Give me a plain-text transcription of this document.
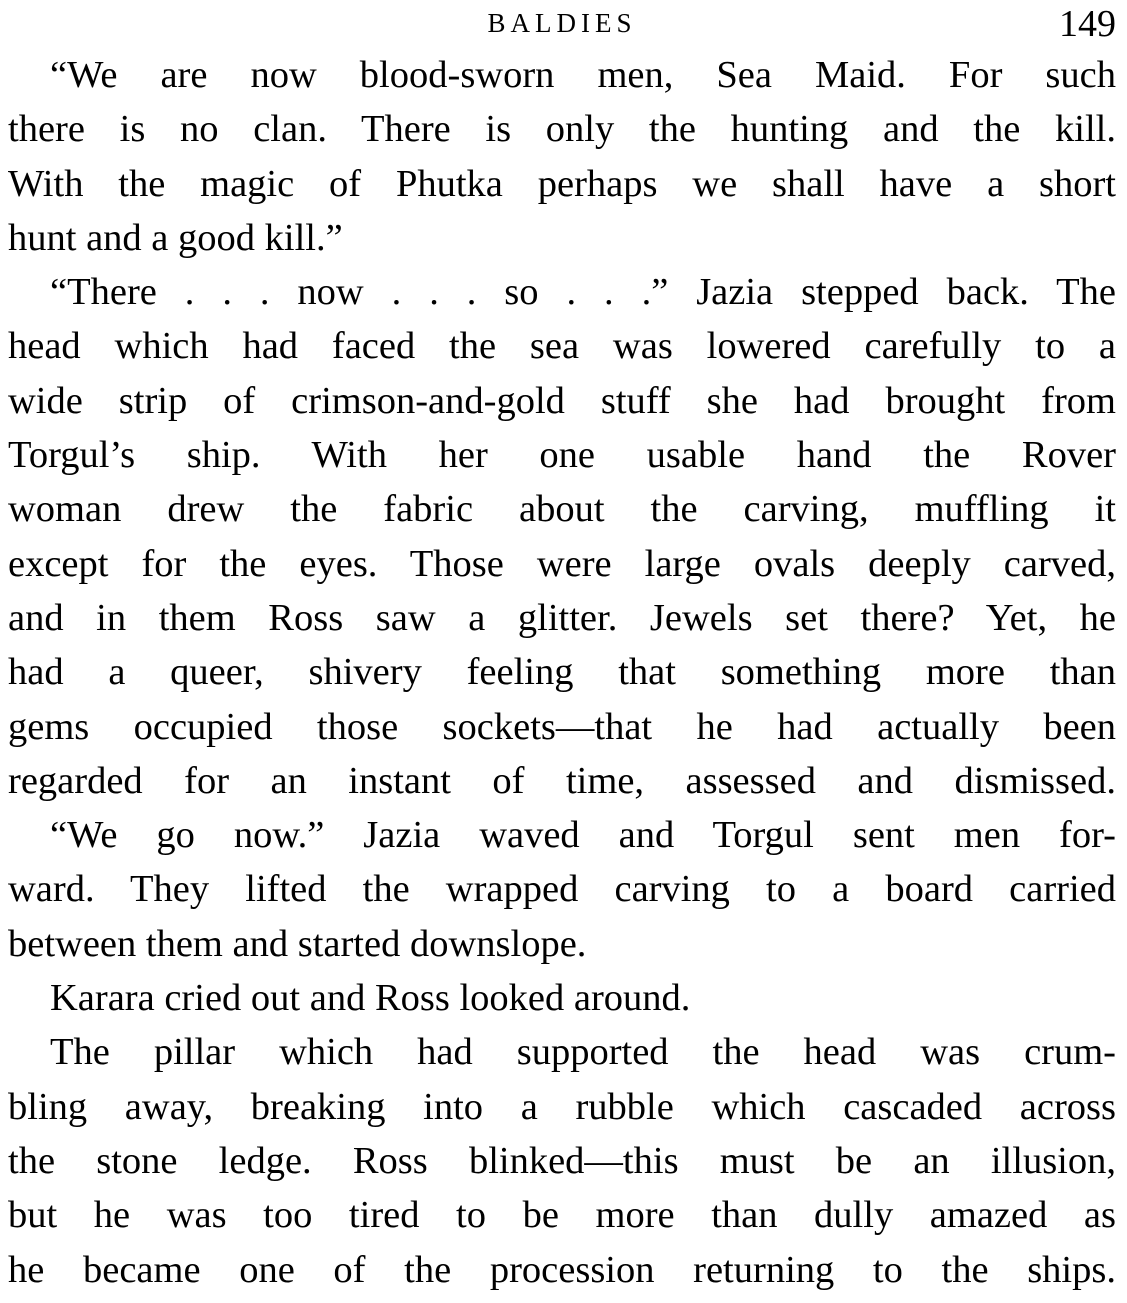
BALDIES	149
“We are now blood-sworn men, Sea Maid. For such
there is no clan. There is only the hunting and the kill.
With the magic of Phutka perhaps we shall have a short
hunt and a good kill.”
“There . . . now . . . so . . .” Jazia stepped back. The
head which had faced the sea was lowered carefully to a
wide strip of crimson-and-gold stuff she had brought from
Torgul’s ship. With her one usable hand the Rover
woman drew the fabric about the carving, muffling it
except for the eyes. Those were large ovals deeply carved,
and in them Ross saw a glitter. Jewels set there? Yet, he
had a queer, shivery feeling that something more than
gems occupied those sockets—that he had actually been
regarded for an instant of time, assessed and dismissed.
“We go now.” Jazia waved and Torgul sent men for-
ward. They lifted the wrapped carving to a board carried
between them and started downslope.
Karara cried out and Ross looked around.
The pillar which had supported the head was crum-
bling away, breaking into a rubble which cascaded across
the stone ledge. Ross blinked—this must be an illusion,
but he was too tired to be more than dully amazed as
he became one of the procession returning to the ships.
